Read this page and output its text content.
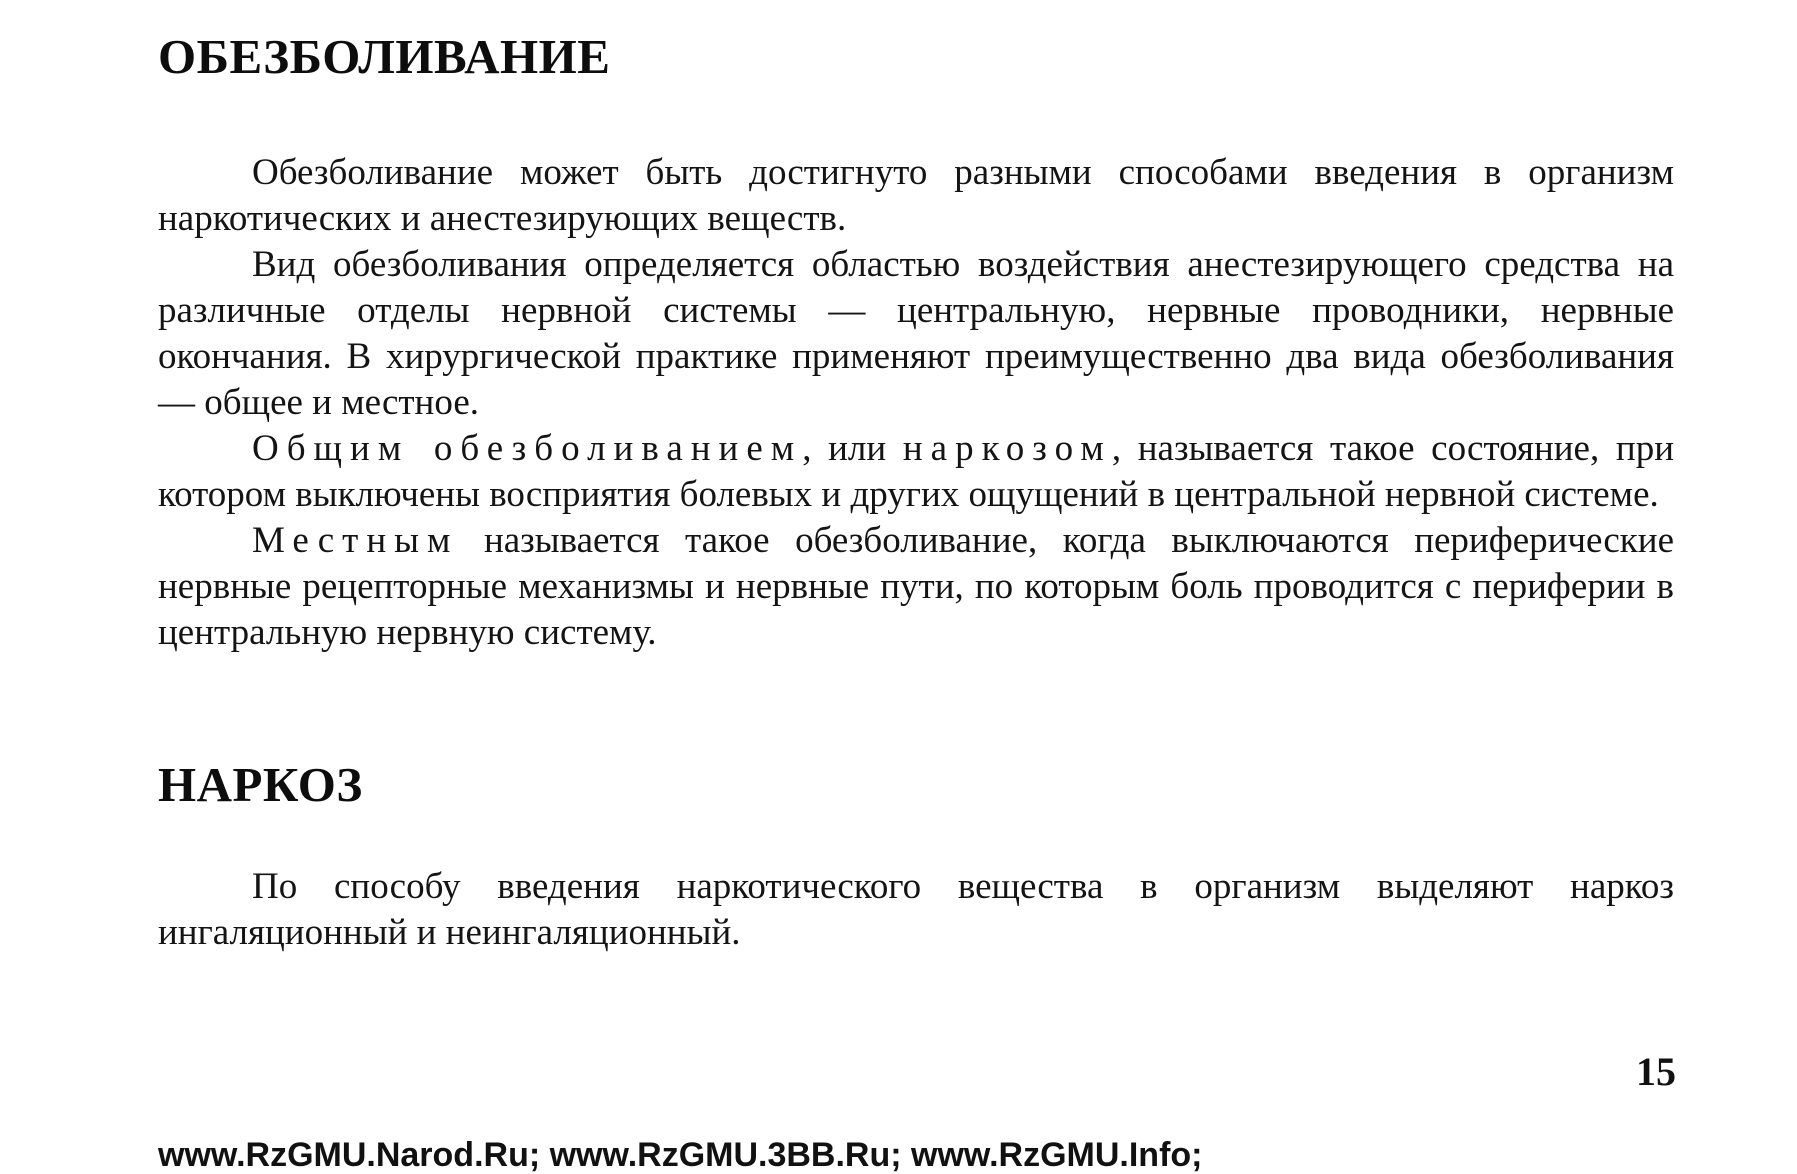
ОБЕЗБОЛИВАНИЕ

Обезболивание может быть достигнуто разными способами введения в организм наркотических и анестезирующих веществ.

Вид обезболивания определяется областью воздействия анестезирующего средства на различные отделы нервной системы — центральную, нервные проводники, нервные окончания. В хирургической практике применяют преимущественно два вида обезболивания — общее и местное.

Общим обезболиванием, или наркозом, называется такое состояние, при котором выключены восприятия болевых и других ощущений в центральной нервной системе.

Местным называется такое обезболивание, когда выключаются периферические нервные рецепторные механизмы и нервные пути, по которым боль проводится с периферии в центральную нервную систему.

НАРКОЗ

По способу введения наркотического вещества в организм выделяют наркоз ингаляционный и неингаляционный.

15
www.RzGMU.Narod.Ru; www.RzGMU.3BB.Ru; www.RzGMU.Info;
